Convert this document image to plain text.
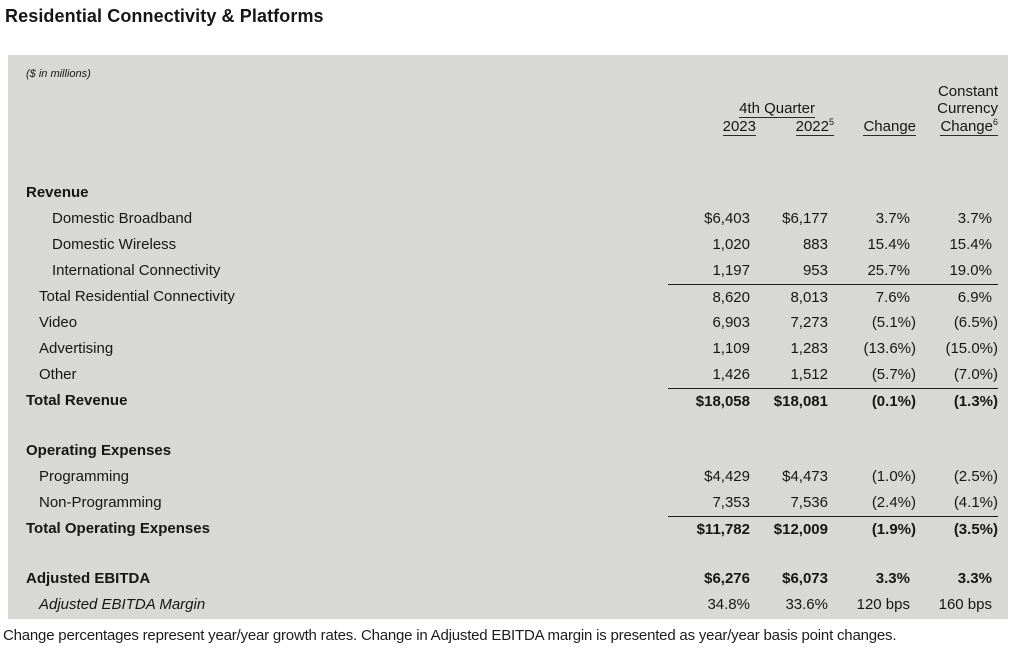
Residential Connectivity & Platforms
($ in millions)
4th Quarter
Constant
Currency
2023	2022$^5$	Change	Change$^6$
Revenue
Domestic Broadband	$6,403	$6,177	3.7%	3.7%
Domestic Wireless	1,020	883	15.4%	15.4%
International Connectivity	1,197	953	25.7%	19.0%
Total Residential Connectivity	8,620	8,013	7.6%	6.9%
Video	6,903	7,273	(5.1%)	(6.5%)
Advertising	1,109	1,283	(13.6%)	(15.0%)
Other	1,426	1,512	(5.7%)	(7.0%)
Total Revenue	$18,058	$18,081	(0.1%)	(1.3%)
Operating Expenses
Programming	$4,429	$4,473	(1.0%)	(2.5%)
Non-Programming	7,353	7,536	(2.4%)	(4.1%)
Total Operating Expenses	$11,782	$12,009	(1.9%)	(3.5%)
Adjusted EBITDA	$6,276	$6,073	3.3%	3.3%
Adjusted EBITDA Margin	34.8%	33.6%	120 bps	160 bps
Change percentages represent year/year growth rates. Change in Adjusted EBITDA margin is presented as year/year basis point changes.
